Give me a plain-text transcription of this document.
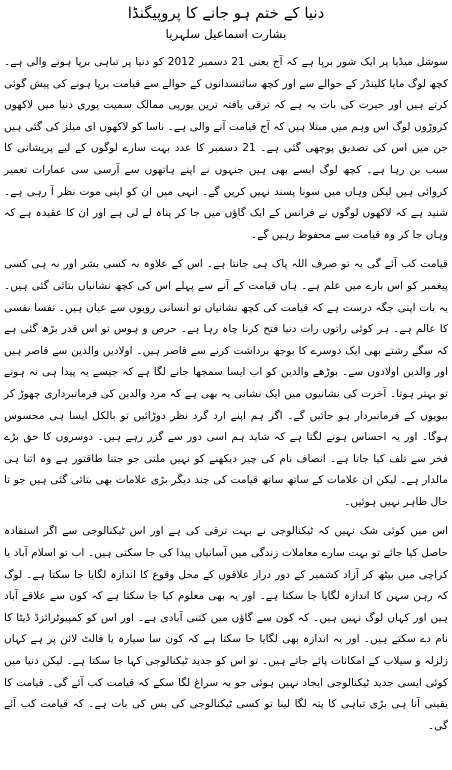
دنیا کے ختم ہو جانے کا پروپیگنڈا
بشارت اسماعیل سلہریا

سوشل میڈیا پر ایک شور برپا ہے کہ آج یعنی 21 دسمبر 2012 کو دنیا پر تباہی برپا ہونے والی ہے۔ کچھ لوگ مایا کلینڈر کے حوالے سے اور کچھ سائنسدانوں کے حوالے سے قیامت برپا ہونے کی پیش گوئی کرتے ہیں اور حیرت کی بات یہ ہے کہ ترقی یافتہ ترین یورپی ممالک سمیت پوری دنیا میں لاکھوں کروڑوں لوگ اس وہم میں مبتلا ہیں کہ آج قیامت آنے والی ہے۔ ناسا کو لاکھوں ای میلز کی گئی ہیں جن میں اس کی تصدیق پوچھی گئی ہے۔ 21 دسمبر کا عدد بہت سارے لوگوں کے لیے پریشانی کا سبب بن رہا ہے۔ کچھ لوگ ایسے بھی ہیں جنہوں نے اپنے ہاتھوں سے آرسی سی عمارات تعمیر کروائی ہیں لیکن وہاں میں سونا پسند نہیں کریں گے۔ انہی میں ان کو اپنی موت نظر آ رہی ہے۔ شنید ہے کہ لاکھوں لوگوں نے فرانس کے ایک گاؤں میں جا کر پناہ لے لی ہے اور ان کا عقیدہ ہے کہ وہاں جا کر وہ قیامت سے محفوظ رہیں گے۔

قیامت کب آئے گی یہ تو صرف اللہ پاک ہی جانتا ہے۔ اس کے علاوہ نہ کسی بشر اور نہ ہی کسی پیغمبر کو اس بارے میں علم ہے۔ ہاں قیامت کے آنے سے پہلے اس کی کچھ نشانیاں بتائی گئی ہیں۔ یہ بات اپنی جگہ درست ہے کہ قیامت کی کچھ نشانیاں تو انسانی رویوں سے عیاں ہیں۔ نفسا نفسی کا عالم ہے۔ ہر کوئی راتوں رات دنیا فتح کرنا چاہ رہا ہے۔ حرص و ہوس تو اس قدر بڑھ گئی ہے کہ سگے رشتے بھی ایک دوسرے کا بوجھ برداشت کرنے سے قاصر ہیں۔ اولادیں والدین سے قاصر ہیں اور والدین اولادوں سے۔ بوڑھے والدین کو اب ایسا سمجھا جانے لگا ہے کہ جیسے یہ پیدا ہی نہ ہوتے تو بہتر ہوتا۔ آخرت کی نشانیوں میں ایک نشانی یہ بھی ہے کہ مرد والدین کی فرمانبرداری چھوڑ کر بیویوں کے فرمانبردار ہو جائیں گے۔ اگر ہم اپنے ارد گرد نظر دوڑائیں تو بالکل ایسا ہی محسوس ہوگا۔ اور یہ احساس ہونے لگتا ہے کہ شاید ہم اسی دور سے گزر رہے ہیں۔ دوسروں کا حق بڑے فخر سے تلف کیا جاتا ہے۔ انصاف نام کی چیز دیکھنے کو نہیں ملتی جو جتنا طاقتور ہے وہ اتنا ہی مالدار ہے۔ لیکن ان علامات کے ساتھ ساتھ قیامت کی چند دیگر بڑی علامات بھی بتائی گئی ہیں جو تا حال ظاہر نہیں ہوئیں۔

اس میں کوئی شک نہیں کہ ٹیکنالوجی نے بہت ترقی کی ہے اور اس ٹیکنالوجی سے اگر استفادہ حاصل کیا جائے تو بہت سارے معاملات زندگی میں آسانیاں پیدا کی جا سکتی ہیں۔ اب تو اسلام آباد یا کراچی میں بیٹھ کر آزاد کشمیر کے دور دراز علاقوں کے محل وقوع کا اندازہ لگایا جا سکتا ہے۔ لوگ کہ رہن سہن کا اندازہ لگایا جا سکتا ہے۔ اور یہ بھی معلوم کیا جا سکتا ہے کہ کون سے علاقے آباد ہیں اور کہاں لوگ نہیں ہیں۔ کہ کون سے گاؤں میں کتنی آبادی ہے۔ اور اس کو کمپیوٹرائزڈ ڈیٹا کا نام دے سکتے ہیں۔ اور یہ اندازہ بھی لگایا جا سکتا ہے کہ کون سا سیارہ یا فالٹ لائن پر ہے کہاں زلزلہ و سیلاب کے امکانات پائے جاتے ہیں۔ تو اس کو جدید ٹیکنالوجی کہا جا سکتا ہے۔ لیکن دنیا میں کوئی ایسی جدید ٹیکنالوجی ایجاد نہیں ہوئی جو یہ سراغ لگا سکے کہ قیامت کب آئے گی۔ قیامت کا یقینی آنا ہی بڑی تباہی کا پتہ لگا لینا تو کسی ٹیکنالوجی کی بس کی بات ہے۔ کہ قیامت کب آئے گی۔
